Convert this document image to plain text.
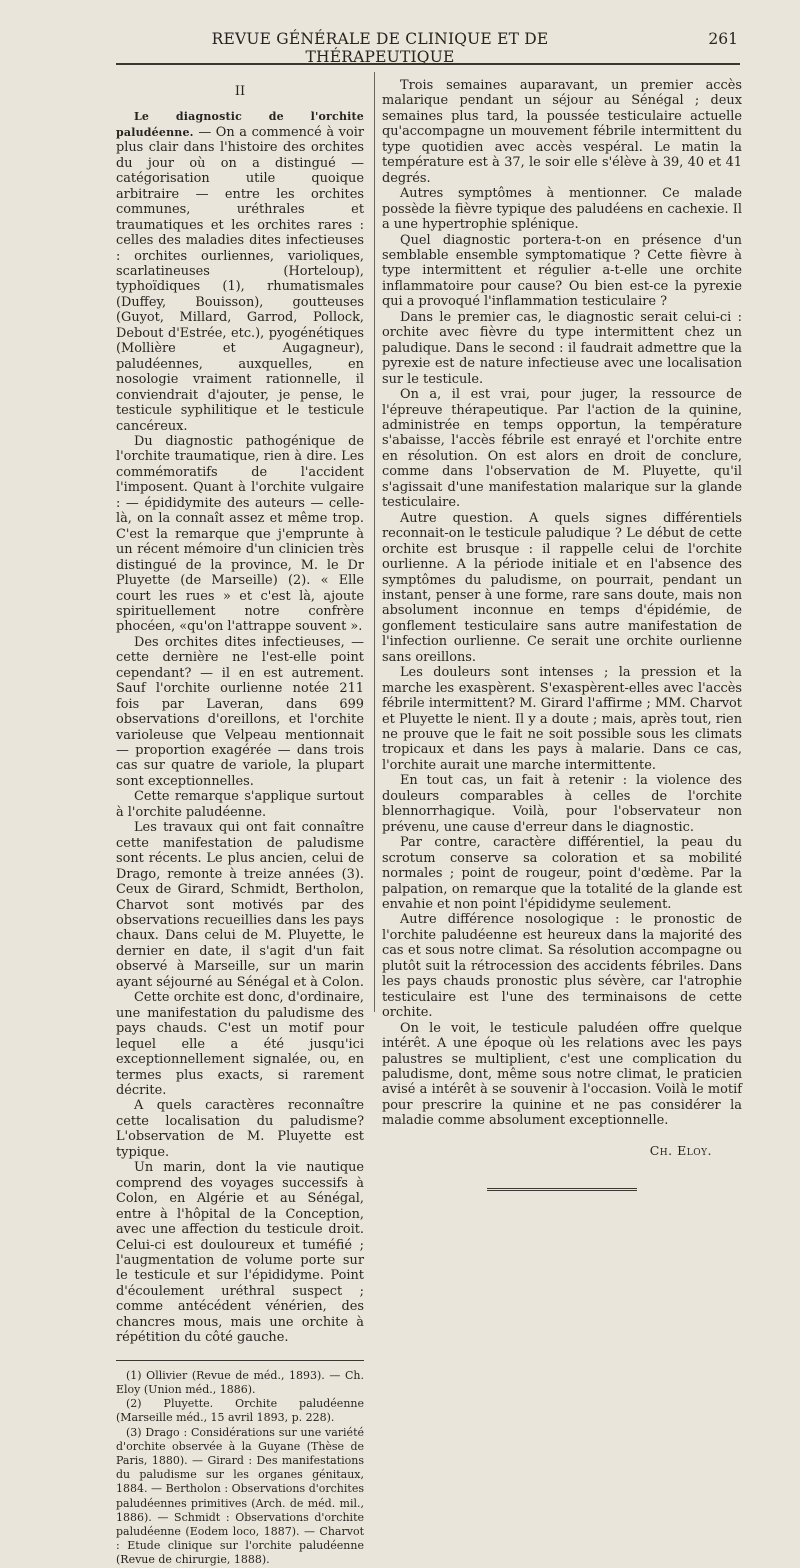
REVUE GÉNÉRALE DE CLINIQUE ET DE THÉRAPEUTIQUE
261

II

Le diagnostic de l'orchite paludéenne. — On a commencé à voir plus clair dans l'histoire des orchites du jour où on a distingué — catégorisation utile quoique arbitraire — entre les orchites communes, uréthrales et traumatiques et les orchites rares : celles des maladies dites infectieuses : orchites ourliennes, varioliques, scarlatineuses (Horteloup), typhoïdiques (1), rhumatismales (Duffey, Bouisson), goutteuses (Guyot, Millard, Garrod, Pollock, Debout d'Estrée, etc.), pyogénétiques (Mollière et Augagneur), paludéennes, auxquelles, en nosologie vraiment rationnelle, il conviendrait d'ajouter, je pense, le testicule syphilitique et le testicule cancéreux.

Du diagnostic pathogénique de l'orchite traumatique, rien à dire. Les commémoratifs de l'accident l'imposent. Quant à l'orchite vulgaire : — épididymite des auteurs — celle-là, on la connaît assez et même trop. C'est la remarque que j'emprunte à un récent mémoire d'un clinicien très distingué de la province, M. le Dr Pluyette (de Marseille) (2). « Elle court les rues » et c'est là, ajoute spirituellement notre confrère phocéen, «qu'on l'attrappe souvent ».

Des orchites dites infectieuses, — cette dernière ne l'est-elle point cependant? — il en est autrement. Sauf l'orchite ourlienne notée 211 fois par Laveran, dans 699 observations d'oreillons, et l'orchite varioleuse que Velpeau mentionnait — proportion exagérée — dans trois cas sur quatre de variole, la plupart sont exceptionnelles.

Cette remarque s'applique surtout à l'orchite paludéenne.

Les travaux qui ont fait connaître cette manifestation de paludisme sont récents. Le plus ancien, celui de Drago, remonte à treize années (3). Ceux de Girard, Schmidt, Bertholon, Charvot sont motivés par des observations recueillies dans les pays chaux. Dans celui de M. Pluyette, le dernier en date, il s'agit d'un fait observé à Marseille, sur un marin ayant séjourné au Sénégal et à Colon.

Cette orchite est donc, d'ordinaire, une manifestation du paludisme des pays chauds. C'est un motif pour lequel elle a été jusqu'ici exceptionnellement signalée, ou, en termes plus exacts, si rarement décrite.

A quels caractères reconnaître cette localisation du paludisme? L'observation de M. Pluyette est typique.

Un marin, dont la vie nautique comprend des voyages successifs à Colon, en Algérie et au Sénégal, entre à l'hôpital de la Conception, avec une affection du testicule droit. Celui-ci est douloureux et tuméfié ; l'augmentation de volume porte sur le testicule et sur l'épididyme. Point d'écoulement uréthral suspect ; comme antécédent vénérien, des chancres mous, mais une orchite à répétition du côté gauche.

(1) Ollivier (Revue de méd., 1893). — Ch. Eloy (Union méd., 1886).

(2) Pluyette. Orchite paludéenne (Marseille méd., 15 avril 1893, p. 228).

(3) Drago : Considérations sur une variété d'orchite observée à la Guyane (Thèse de Paris, 1880). — Girard : Des manifestations du paludisme sur les organes génitaux, 1884. — Bertholon : Observations d'orchites paludéennes primitives (Arch. de méd. mil., 1886). — Schmidt : Observations d'orchite paludéenne (Eodem loco, 1887). — Charvot : Etude clinique sur l'orchite paludéenne (Revue de chirurgie, 1888).

Trois semaines auparavant, un premier accès malarique pendant un séjour au Sénégal ; deux semaines plus tard, la poussée testiculaire actuelle qu'accompagne un mouvement fébrile intermittent du type quotidien avec accès vespéral. Le matin la température est à 37, le soir elle s'élève à 39, 40 et 41 degrés.

Autres symptômes à mentionner. Ce malade possède la fièvre typique des paludéens en cachexie. Il a une hypertrophie splénique.

Quel diagnostic portera-t-on en présence d'un semblable ensemble symptomatique ? Cette fièvre à type intermittent et régulier a-t-elle une orchite inflammatoire pour cause? Ou bien est-ce la pyrexie qui a provoqué l'inflammation testiculaire ?

Dans le premier cas, le diagnostic serait celui-ci : orchite avec fièvre du type intermittent chez un paludique. Dans le second : il faudrait admettre que la pyrexie est de nature infectieuse avec une localisation sur le testicule.

On a, il est vrai, pour juger, la ressource de l'épreuve thérapeutique. Par l'action de la quinine, administrée en temps opportun, la température s'abaisse, l'accès fébrile est enrayé et l'orchite entre en résolution. On est alors en droit de conclure, comme dans l'observation de M. Pluyette, qu'il s'agissait d'une manifestation malarique sur la glande testiculaire.

Autre question. A quels signes différentiels reconnait-on le testicule paludique ? Le début de cette orchite est brusque : il rappelle celui de l'orchite ourlienne. A la période initiale et en l'absence des symptômes du paludisme, on pourrait, pendant un instant, penser à une forme, rare sans doute, mais non absolument inconnue en temps d'épidémie, de gonflement testiculaire sans autre manifestation de l'infection ourlienne. Ce serait une orchite ourlienne sans oreillons.

Les douleurs sont intenses ; la pression et la marche les exaspèrent. S'exaspèrent-elles avec l'accès fébrile intermittent? M. Girard l'affirme ; MM. Charvot et Pluyette le nient. Il y a doute ; mais, après tout, rien ne prouve que le fait ne soit possible sous les climats tropicaux et dans les pays à malarie. Dans ce cas, l'orchite aurait une marche intermittente.

En tout cas, un fait à retenir : la violence des douleurs comparables à celles de l'orchite blennorrhagique. Voilà, pour l'observateur non prévenu, une cause d'erreur dans le diagnostic.

Par contre, caractère différentiel, la peau du scrotum conserve sa coloration et sa mobilité normales ; point de rougeur, point d'œdème. Par la palpation, on remarque que la totalité de la glande est envahie et non point l'épididyme seulement.

Autre différence nosologique : le pronostic de l'orchite paludéenne est heureux dans la majorité des cas et sous notre climat. Sa résolution accompagne ou plutôt suit la rétrocession des accidents fébriles. Dans les pays chauds pronostic plus sévère, car l'atrophie testiculaire est l'une des terminaisons de cette orchite.

On le voit, le testicule paludéen offre quelque intérêt. A une époque où les relations avec les pays palustres se multiplient, c'est une complication du paludisme, dont, même sous notre climat, le praticien avisé a intérêt à se souvenir à l'occasion. Voilà le motif pour prescrire la quinine et ne pas considérer la maladie comme absolument exceptionnelle.

Ch. Eloy.
